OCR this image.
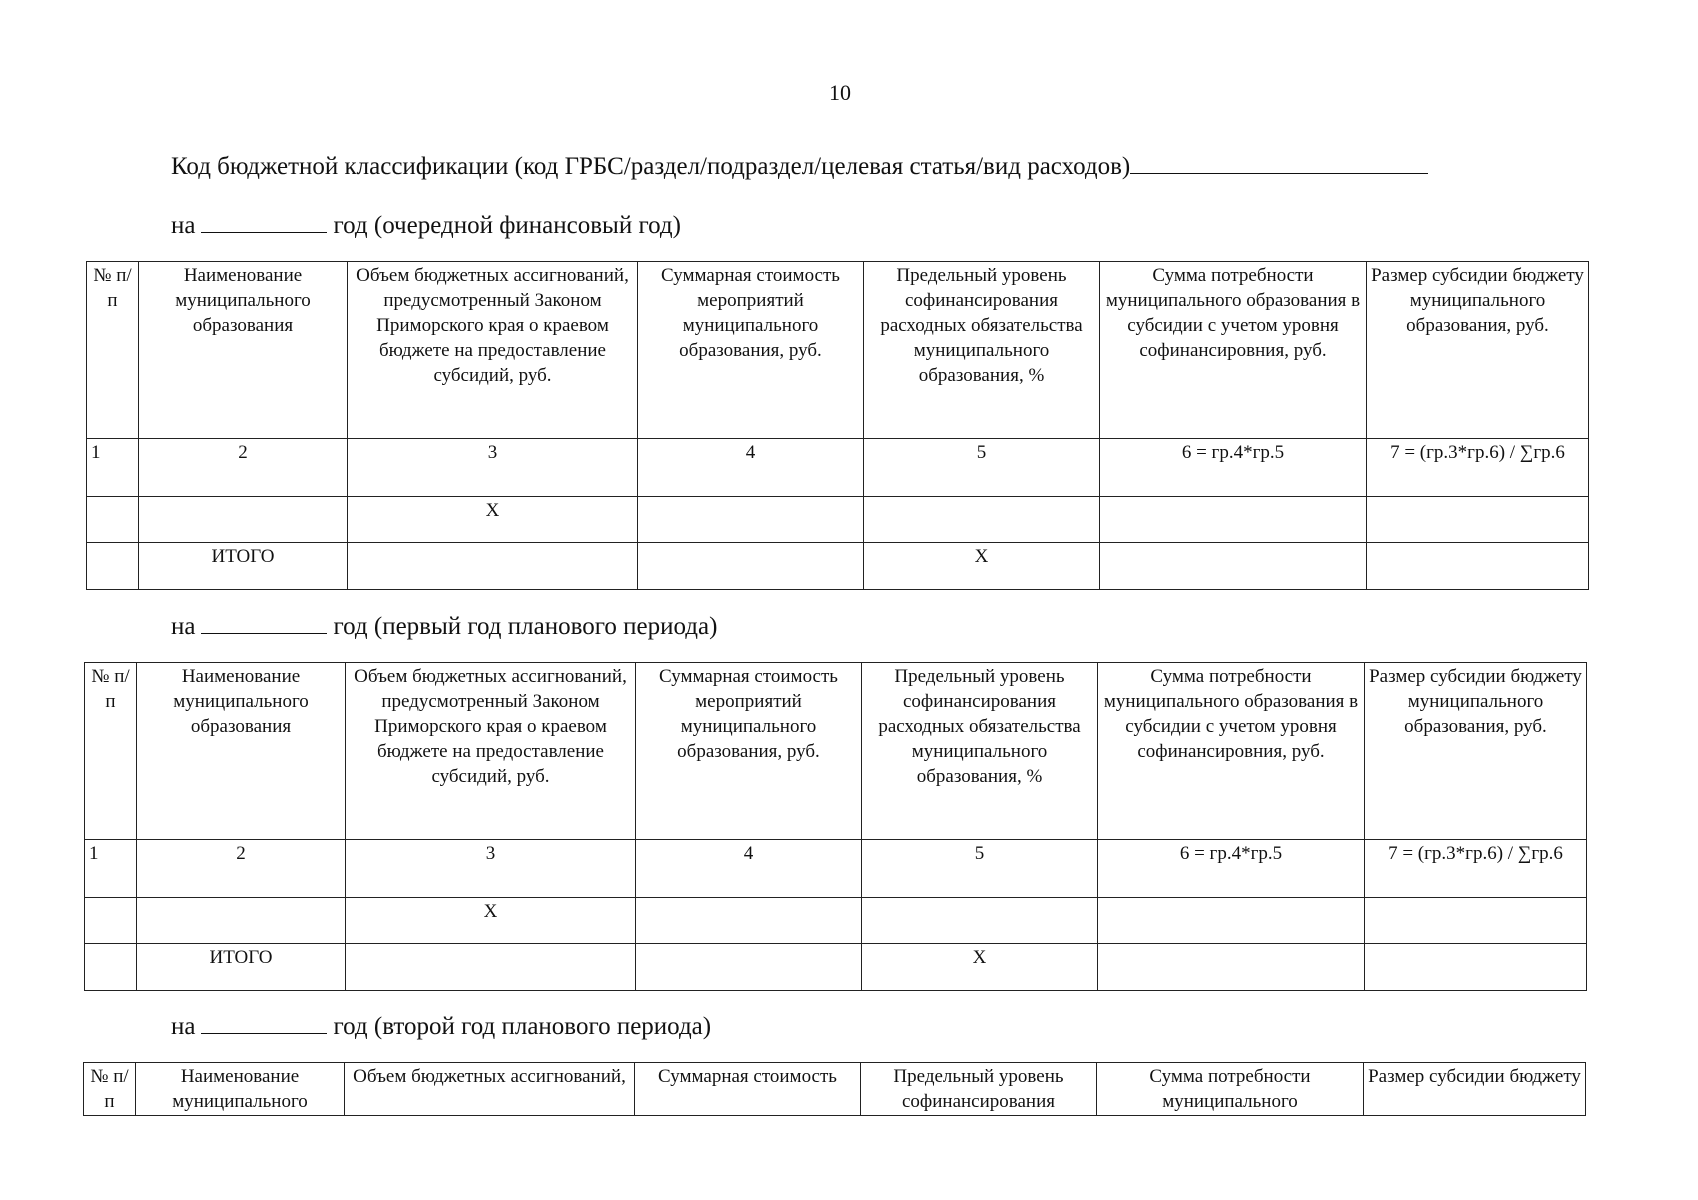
10
Код бюджетной классификации (код ГРБС/раздел/подраздел/целевая статья/вид расходов)
на	год (очередной финансовый год)
№ п/п	Наименование муниципального образования	Объем бюджетных ассигнований, предусмотренный Законом Приморского края о краевом бюджете на предоставление субсидий, руб.	Суммарная стоимость мероприятий муниципального образования, руб.	Предельный уровень софинансирования расходных обязательства муниципального образования, %	Сумма потребности муниципального образования в субсидии с учетом уровня софинансировния, руб.	Размер субсидии бюджету муниципального образования, руб.
1	2	3	4	5	6 = гр.4*гр.5	7 = (гр.3*гр.6) / ∑гр.6
		X				
	ИТОГО			X		
на	год (первый год планового периода)
№ п/п	Наименование муниципального образования	Объем бюджетных ассигнований, предусмотренный Законом Приморского края о краевом бюджете на предоставление субсидий, руб.	Суммарная стоимость мероприятий муниципального образования, руб.	Предельный уровень софинансирования расходных обязательства муниципального образования, %	Сумма потребности муниципального образования в субсидии с учетом уровня софинансировния, руб.	Размер субсидии бюджету муниципального образования, руб.
1	2	3	4	5	6 = гр.4*гр.5	7 = (гр.3*гр.6) / ∑гр.6
		X				
	ИТОГО			X		
на	год (второй год планового периода)
№ п/п	Наименование муниципального	Объем бюджетных ассигнований,	Суммарная стоимость	Предельный уровень софинансирования	Сумма потребности муниципального	Размер субсидии бюджету
